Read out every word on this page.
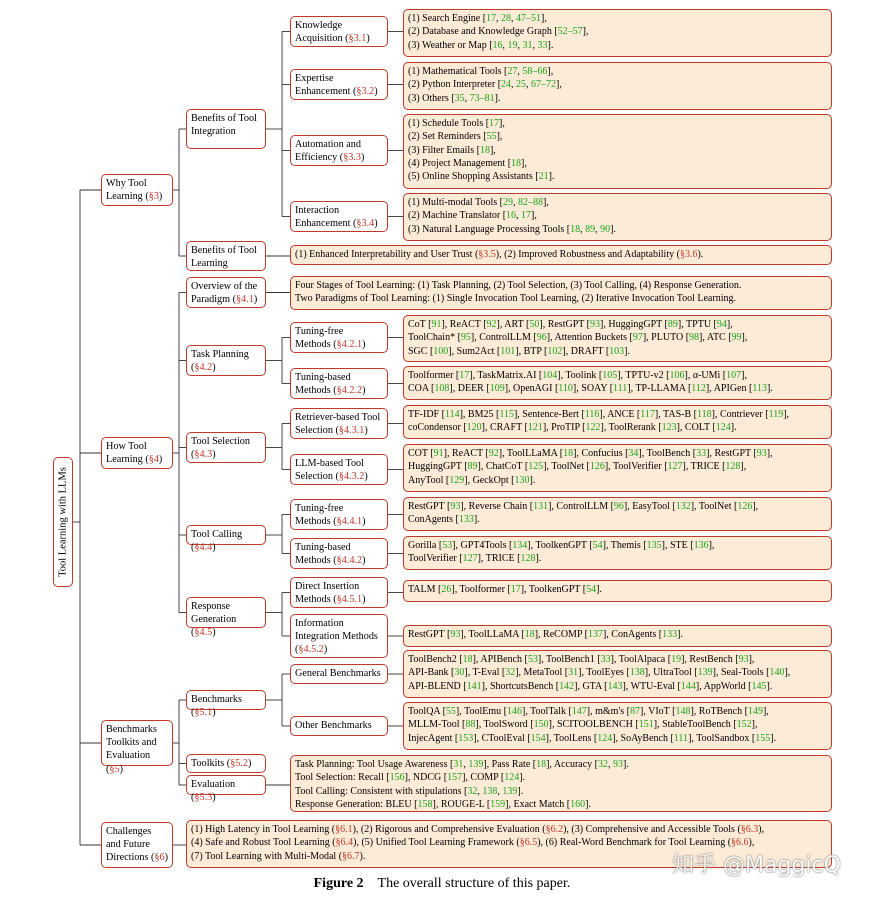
Tool Learning with LLMs
Why Tool
Learning (§3)
Benefits of Tool
Integration
Knowledge
Acquisition (§3.1)
Expertise
Enhancement (§3.2)
Automation and
Efficiency (§3.3)
Interaction
Enhancement (§3.4)
Benefits of Tool
Learning
How Tool
Learning (§4)
Overview of the
Paradigm (§4.1)
Task Planning
(§4.2)
Tuning-free
Methods (§4.2.1)
Tuning-based
Methods (§4.2.2)
Tool Selection
(§4.3)
Retriever-based Tool
Selection (§4.3.1)
LLM-based Tool
Selection (§4.3.2)
Tool Calling (§4.4)
Tuning-free
Methods (§4.4.1)
Tuning-based
Methods (§4.4.2)
Response
Generation (§4.5)
Direct Insertion
Methods (§4.5.1)
Information
Integration Methods
(§4.5.2)
Benchmarks
Toolkits and
Evaluation (§5)
Benchmarks (§5.1)
General Benchmarks
Other Benchmarks
Toolkits (§5.2)
Evaluation (§5.3)
Challenges
and Future
Directions (§6)
(1) Search Engine [17, 28, 47–51],
(2) Database and Knowledge Graph [52–57],
(3) Weather or Map [16, 19, 31, 33].
(1) Mathematical Tools [27, 58–66],
(2) Python Interpreter [24, 25, 67–72],
(3) Others [35, 73–81].
(1) Schedule Tools [17],
(2) Set Reminders [55],
(3) Filter Emails [18],
(4) Project Management [18],
(5) Online Shopping Assistants [21].
(1) Multi-modal Tools [29, 82–88],
(2) Machine Translator [16, 17],
(3) Natural Language Processing Tools [18, 89, 90].
(1) Enhanced Interpretability and User Trust (§3.5), (2) Improved Robustness and Adaptability (§3.6).
Four Stages of Tool Learning: (1) Task Planning, (2) Tool Selection, (3) Tool Calling, (4) Response Generation.
Two Paradigms of Tool Learning: (1) Single Invocation Tool Learning, (2) Iterative Invocation Tool Learning.
CoT [91], ReACT [92], ART [50], RestGPT [93], HuggingGPT [89], TPTU [94],
ToolChain* [95], ControlLLM [96], Attention Buckets [97], PLUTO [98], ATC [99],
SGC [100], Sum2Act [101], BTP [102], DRAFT [103].
Toolformer [17], TaskMatrix.AI [104], Toolink [105], TPTU-v2 [106], α-UMi [107],
COA [108], DEER [109], OpenAGI [110], SOAY [111], TP-LLAMA [112], APIGen [113].
TF-IDF [114], BM25 [115], Sentence-Bert [116], ANCE [117], TAS-B [118], Contriever [119],
coCondensor [120], CRAFT [121], ProTIP [122], ToolRerank [123], COLT [124].
COT [91], ReACT [92], ToolLLaMA [18], Confucius [34], ToolBench [33], RestGPT [93],
HuggingGPT [89], ChatCoT [125], ToolNet [126], ToolVerifier [127], TRICE [128],
AnyTool [129], GeckOpt [130].
RestGPT [93], Reverse Chain [131], ControlLLM [96], EasyTool [132], ToolNet [126],
ConAgents [133].
Gorilla [53], GPT4Tools [134], ToolkenGPT [54], Themis [135], STE [136],
ToolVerifier [127], TRICE [128].
TALM [26], Toolformer [17], ToolkenGPT [54].
RestGPT [93], ToolLLaMA [18], ReCOMP [137], ConAgents [133].
ToolBench2 [18], APIBench [53], ToolBench1 [33], ToolAlpaca [19], RestBench [93],
API-Bank [30], T-Eval [32], MetaTool [31], ToolEyes [138], UltraTool [139], Seal-Tools [140],
API-BLEND [141], ShortcutsBench [142], GTA [143], WTU-Eval [144], AppWorld [145].
ToolQA [55], ToolEmu [146], ToolTalk [147], m&m's [87], VIoT [148], RoTBench [149],
MLLM-Tool [88], ToolSword [150], SCITOOLBENCH [151], StableToolBench [152],
InjecAgent [153], CToolEval [154], ToolLens [124], SoAyBench [111], ToolSandbox [155].
Task Planning: Tool Usage Awareness [31, 139], Pass Rate [18], Accuracy [32, 93].
Tool Selection: Recall [156], NDCG [157], COMP [124].
Tool Calling: Consistent with stipulations [32, 138, 139].
Response Generation: BLEU [158], ROUGE-L [159], Exact Match [160].
(1) High Latency in Tool Learning (§6.1), (2) Rigorous and Comprehensive Evaluation (§6.2), (3) Comprehensive and Accessible Tools (§6.3),
(4) Safe and Robust Tool Learning (§6.4), (5) Unified Tool Learning Framework (§6.5), (6) Real-Word Benchmark for Tool Learning (§6.6),
(7) Tool Learning with Multi-Modal (§6.7).
Figure 2 The overall structure of this paper.
知乎 @MaggicQ
